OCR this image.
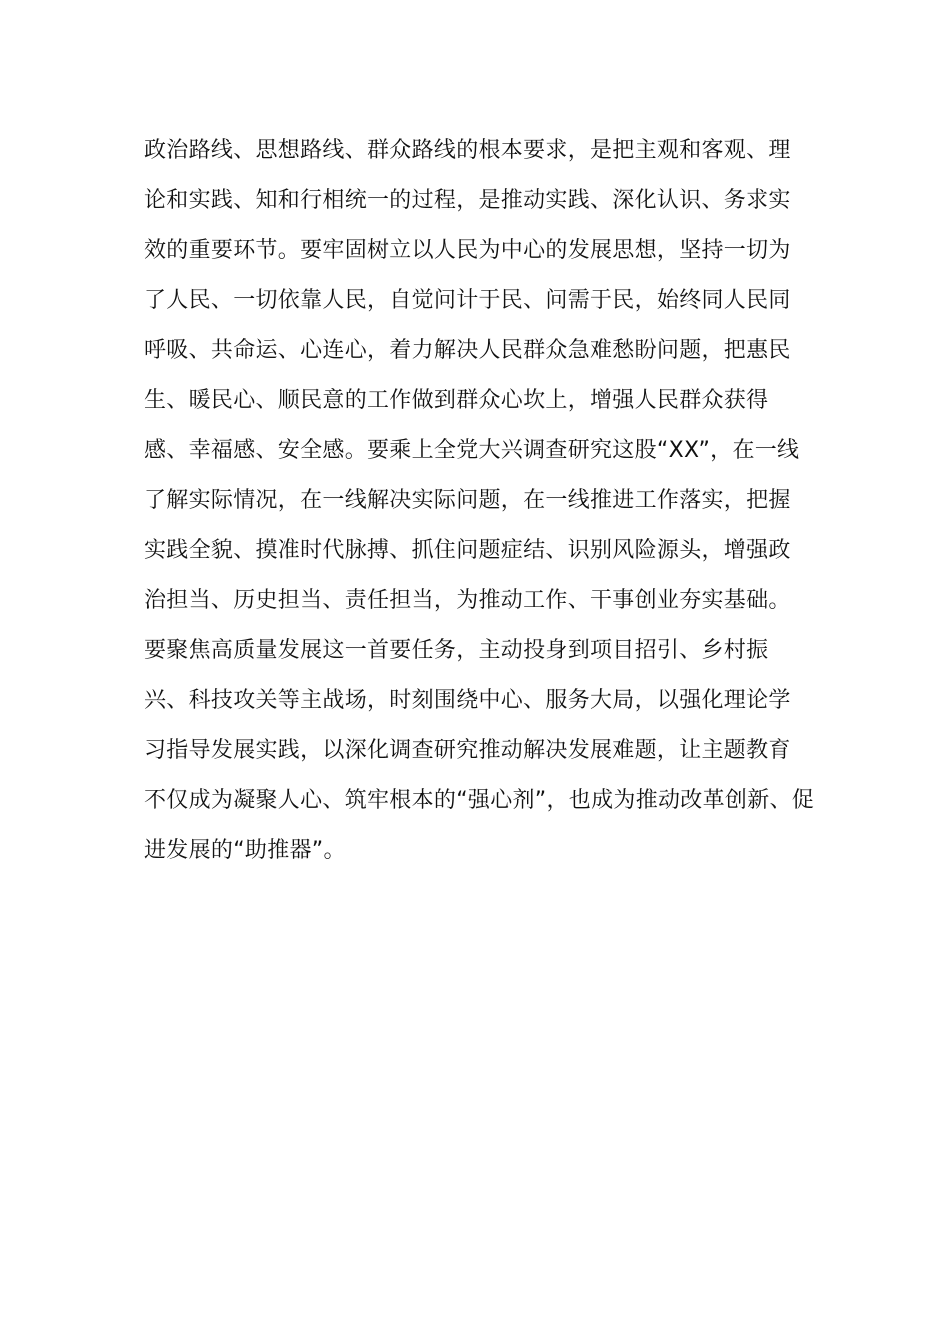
政治路线、思想路线、群众路线的根本要求，是把主观和客观、理
论和实践、知和行相统一的过程，是推动实践、深化认识、务求实
效的重要环节。要牢固树立以人民为中心的发展思想，坚持一切为
了人民、一切依靠人民，自觉问计于民、问需于民，始终同人民同
呼吸、共命运、心连心，着力解决人民群众急难愁盼问题，把惠民
生、暖民心、顺民意的工作做到群众心坎上，增强人民群众获得
感、幸福感、安全感。要乘上全党大兴调查研究这股“XX”，在一线
了解实际情况，在一线解决实际问题，在一线推进工作落实，把握
实践全貌、摸准时代脉搏、抓住问题症结、识别风险源头，增强政
治担当、历史担当、责任担当，为推动工作、干事创业夯实基础。
要聚焦高质量发展这一首要任务，主动投身到项目招引、乡村振
兴、科技攻关等主战场，时刻围绕中心、服务大局，以强化理论学
习指导发展实践，以深化调查研究推动解决发展难题，让主题教育
不仅成为凝聚人心、筑牢根本的“强心剂”，也成为推动改革创新、促
进发展的“助推器”。
